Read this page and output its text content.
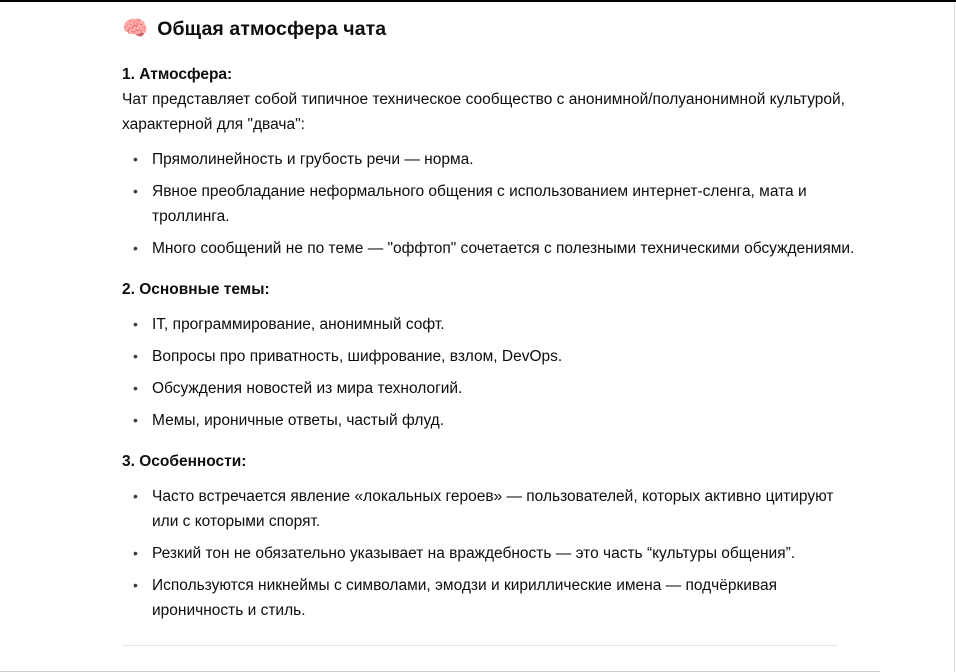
🧠 Общая атмосфера чата

1. Атмосфера:

Чат представляет собой типичное техническое сообщество с анонимной/полуанонимной культурой, характерной для "двача":

• Прямолинейность и грубость речи — норма.
• Явное преобладание неформального общения с использованием интернет-сленга, мата и троллинга.
• Много сообщений не по теме — "оффтоп" сочетается с полезными техническими обсуждениями.

2. Основные темы:

• IT, программирование, анонимный софт.
• Вопросы про приватность, шифрование, взлом, DevOps.
• Обсуждения новостей из мира технологий.
• Мемы, ироничные ответы, частый флуд.

3. Особенности:

• Часто встречается явление «локальных героев» — пользователей, которых активно цитируют или с которыми спорят.
• Резкий тон не обязательно указывает на враждебность — это часть “культуры общения”.
• Используются никнеймы с символами, эмодзи и кириллические имена — подчёркивая ироничность и стиль.
